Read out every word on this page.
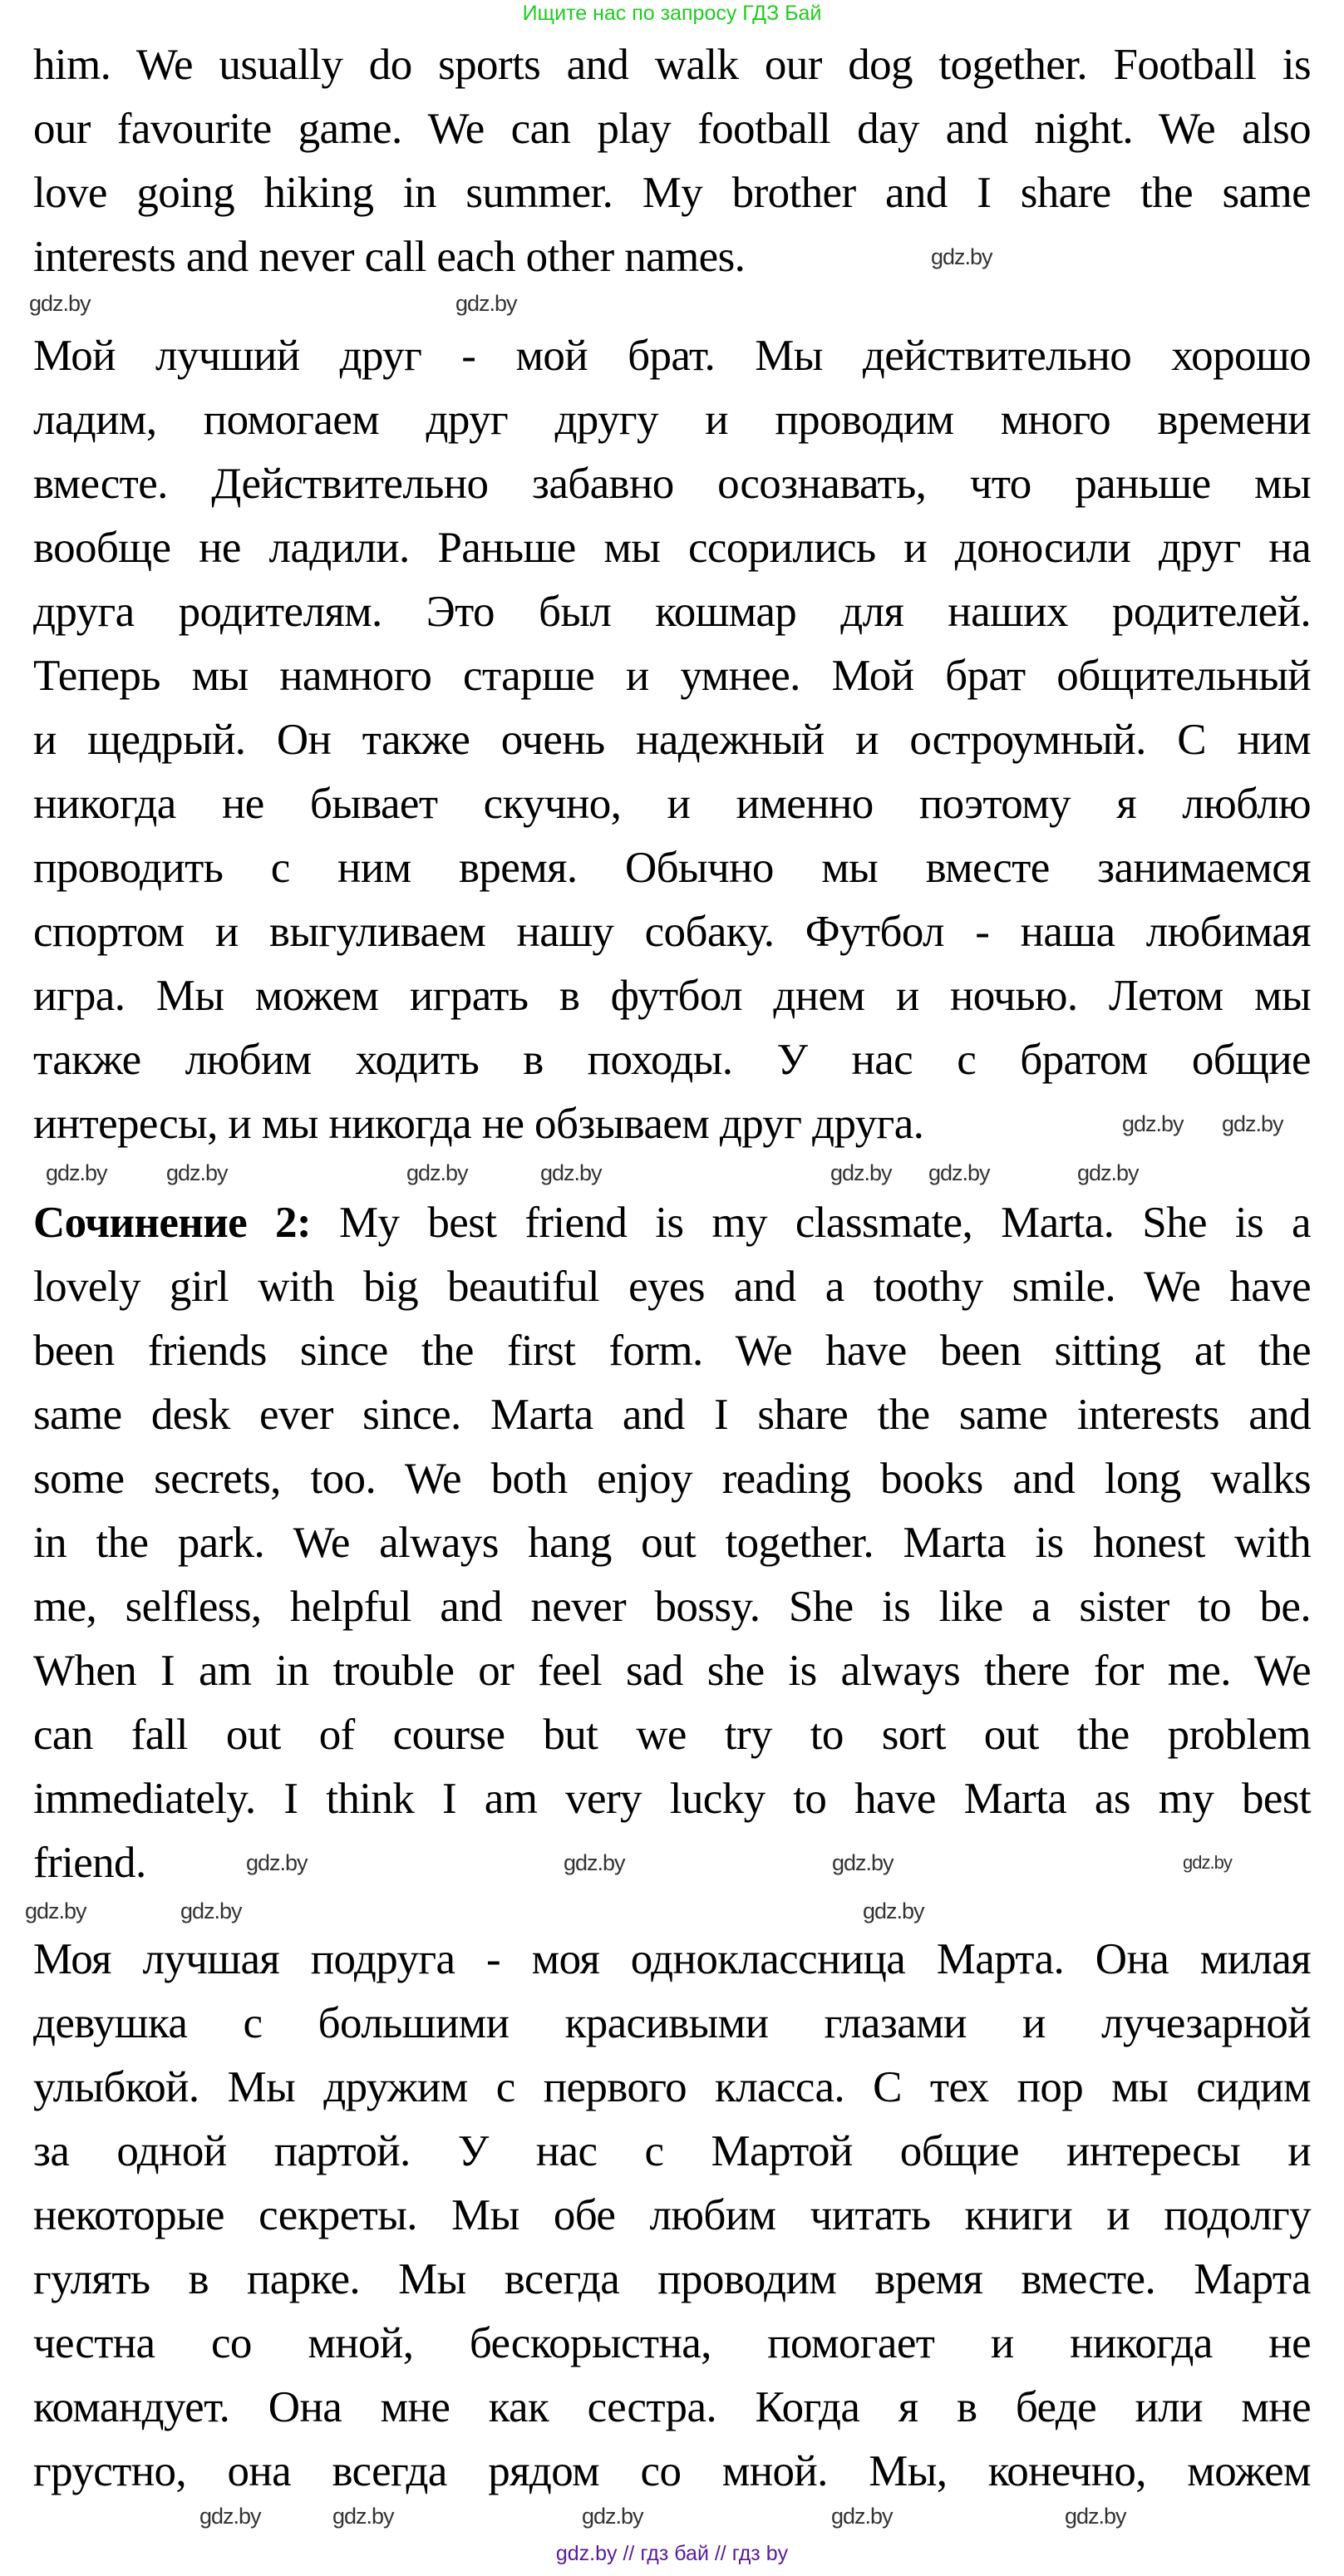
Ищите нас по запросу ГДЗ Бай
him. We usually do sports and walk our dog together. Football is
our favourite game. We can play football day and night. We also
love going hiking in summer. My brother and I share the same
interests and never call each other names.
Мой лучший друг - мой брат. Мы действительно хорошо
ладим, помогаем друг другу и проводим много времени
вместе. Действительно забавно осознавать, что раньше мы
вообще не ладили. Раньше мы ссорились и доносили друг на
друга родителям. Это был кошмар для наших родителей.
Теперь мы намного старше и умнее. Мой брат общительный
и щедрый. Он также очень надежный и остроумный. С ним
никогда не бывает скучно, и именно поэтому я люблю
проводить с ним время. Обычно мы вместе занимаемся
спортом и выгуливаем нашу собаку. Футбол - наша любимая
игра. Мы можем играть в футбол днем и ночью. Летом мы
также любим ходить в походы. У нас с братом общие
интересы, и мы никогда не обзываем друг друга.
Сочинение 2: My best friend is my classmate, Marta. She is a
lovely girl with big beautiful eyes and a toothy smile. We have
been friends since the first form. We have been sitting at the
same desk ever since. Marta and I share the same interests and
some secrets, too. We both enjoy reading books and long walks
in the park. We always hang out together. Marta is honest with
me, selfless, helpful and never bossy. She is like a sister to be.
When I am in trouble or feel sad she is always there for me. We
can fall out of course but we try to sort out the problem
immediately. I think I am very lucky to have Marta as my best
friend.
Моя лучшая подруга - моя одноклассница Марта. Она милая
девушка с большими красивыми глазами и лучезарной
улыбкой. Мы дружим с первого класса. С тех пор мы сидим
за одной партой. У нас с Мартой общие интересы и
некоторые секреты. Мы обе любим читать книги и подолгу
гулять в парке. Мы всегда проводим время вместе. Марта
честна со мной, бескорыстна, помогает и никогда не
командует. Она мне как сестра. Когда я в беде или мне
грустно, она всегда рядом со мной. Мы, конечно, можем
gdz.by
gdz.by
gdz.by
gdz.by gdz.by
gdz.by
gdz.by
gdz.by	gdz.by gdz.by
gdz.by
gdz.by
gdz.by	gdz.by	gdz.by	gdz.by
gdz.by	gdz.by
gdz.by
gdz.by	gdz.by	gdz.by	gdz.by	gdz.by
gdz.by // гдз бай // гдз by
